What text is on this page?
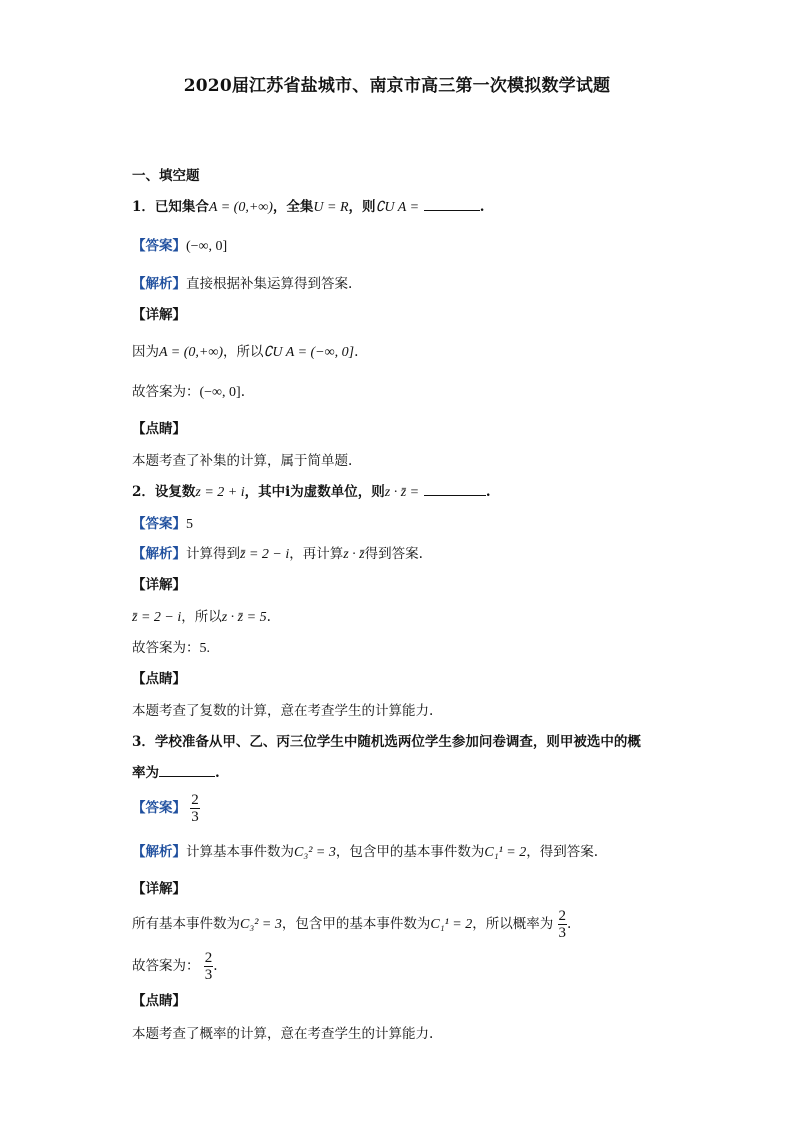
2020届江苏省盐城市、南京市高三第一次模拟数学试题
一、填空题
1．已知集合A = (0,+∞)，全集U = R，则∁U A =	.
【答案】(−∞, 0]
【解析】直接根据补集运算得到答案.
【详解】
因为A = (0,+∞)，所以∁U A = (−∞, 0].
故答案为：(−∞, 0].
【点睛】
本题考查了补集的计算，属于简单题.
2．设复数z = 2 + i，其中i为虚数单位，则z · z̄ =	.
【答案】5
【解析】计算得到z̄ = 2 − i，再计算z · z̄得到答案.
【详解】
z̄ = 2 − i，所以z · z̄ = 5.
故答案为：5.
【点睛】
本题考查了复数的计算，意在考查学生的计算能力.
3．学校准备从甲、乙、丙三位学生中随机选两位学生参加问卷调查，则甲被选中的概
率为	.
【答案】 $\frac{2}{3}$
【解析】计算基本事件数为C₃² = 3，包含甲的基本事件数为C₁¹ = 2，得到答案.
【详解】
所有基本事件数为C₃² = 3，包含甲的基本事件数为C₁¹ = 2，所以概率为 $\frac{2}{3}$ .
故答案为： $\frac{2}{3}$ .
【点睛】
本题考查了概率的计算，意在考查学生的计算能力.
